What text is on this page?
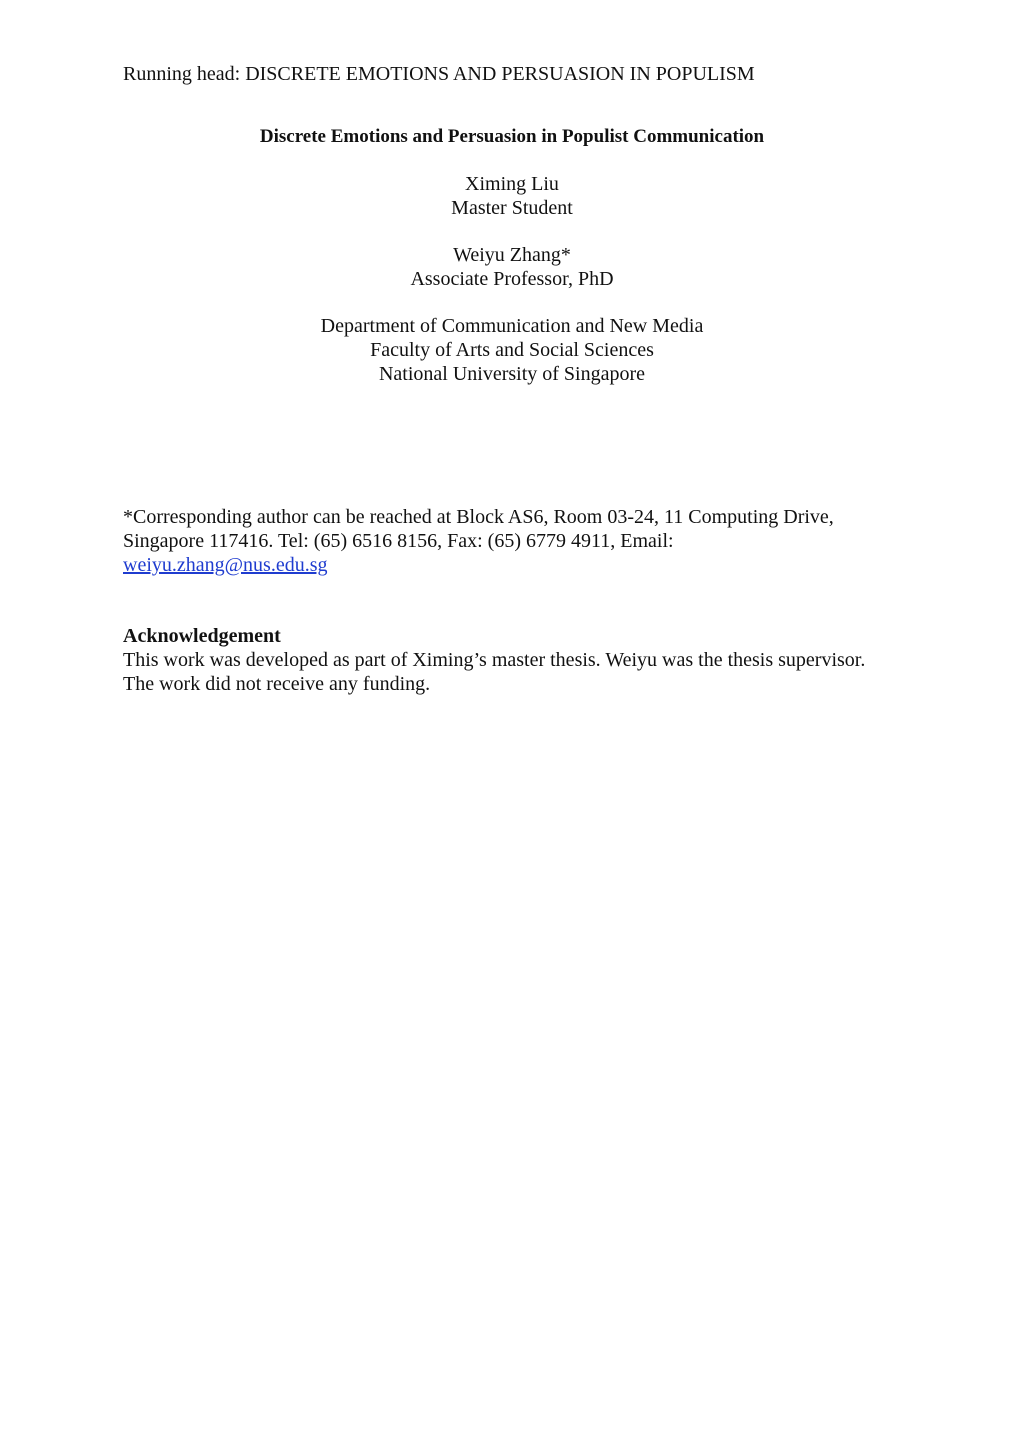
Running head: DISCRETE EMOTIONS AND PERSUASION IN POPULISM
Discrete Emotions and Persuasion in Populist Communication
Ximing Liu
Master Student
Weiyu Zhang*
Associate Professor, PhD
Department of Communication and New Media
Faculty of Arts and Social Sciences
National University of Singapore
*Corresponding author can be reached at Block AS6, Room 03-24, 11 Computing Drive,
Singapore 117416. Tel: (65) 6516 8156, Fax: (65) 6779 4911, Email:
weiyu.zhang@nus.edu.sg
Acknowledgement
This work was developed as part of Ximing’s master thesis. Weiyu was the thesis supervisor.
The work did not receive any funding.
